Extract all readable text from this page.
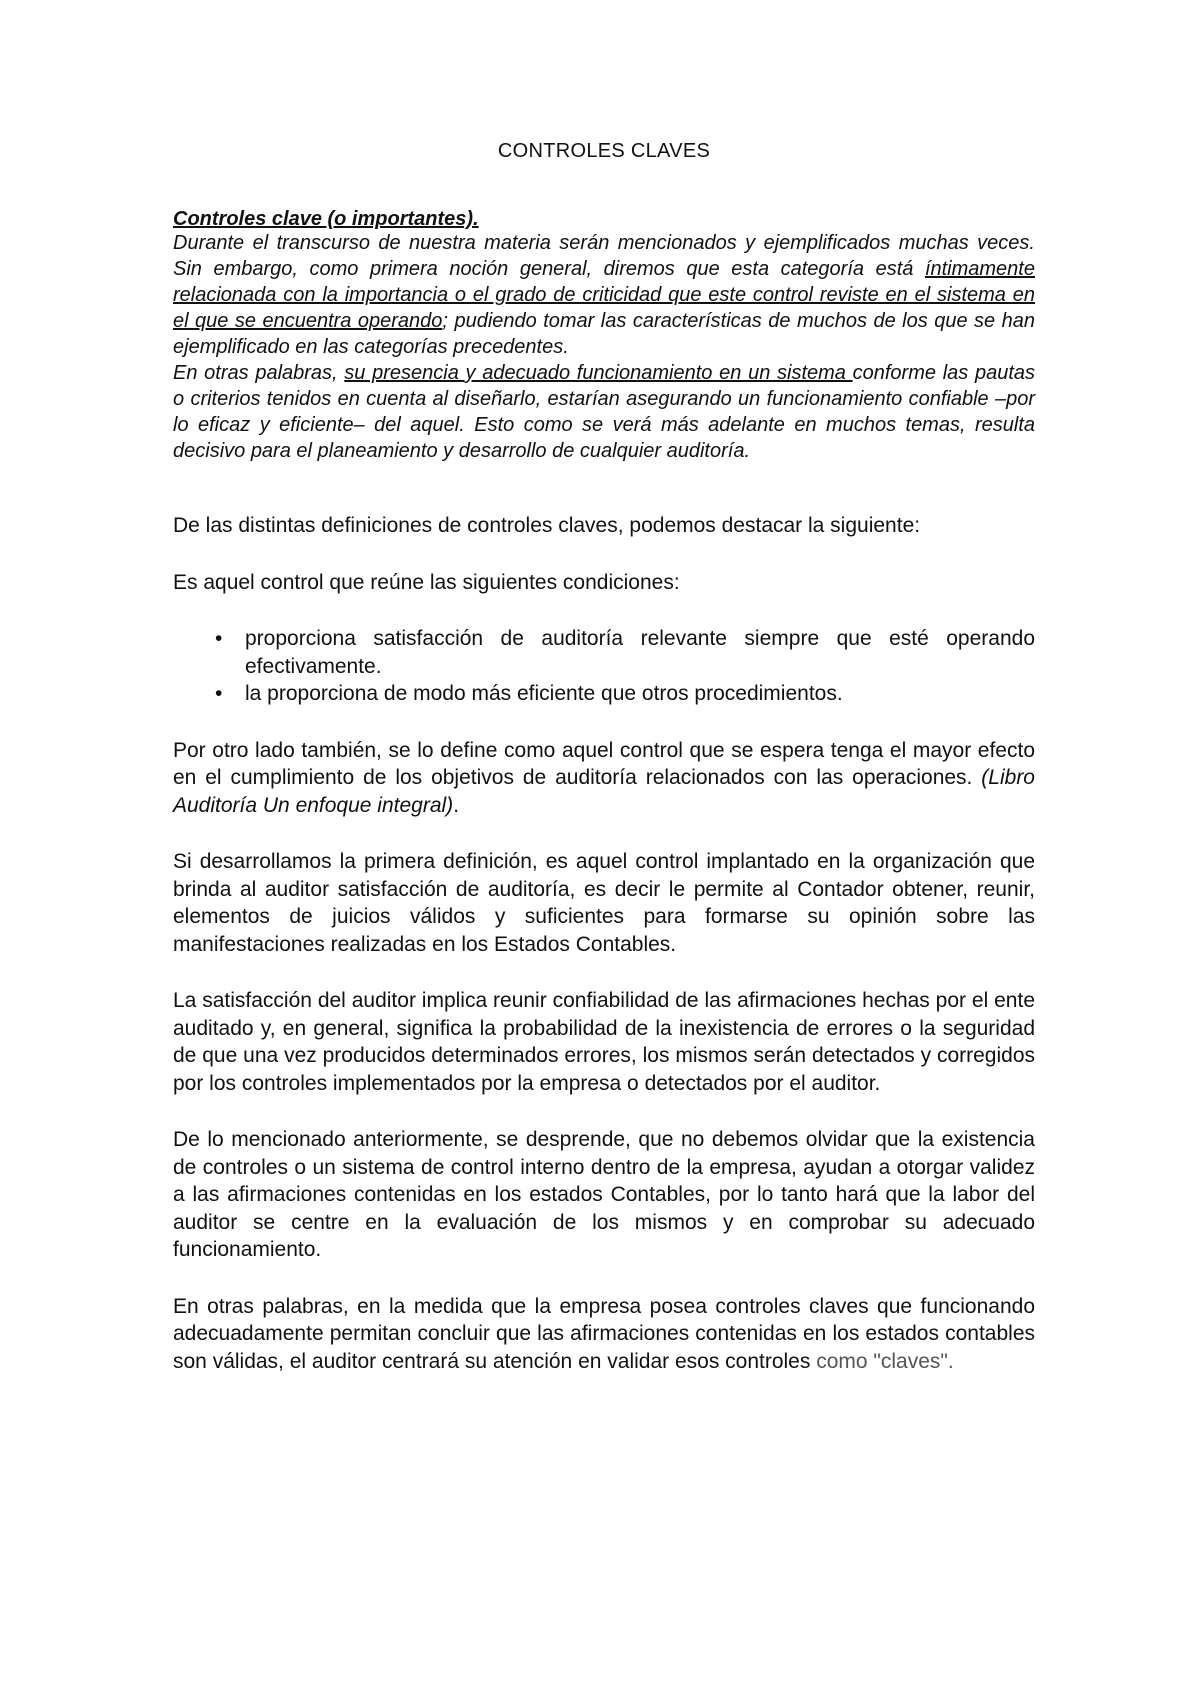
CONTROLES CLAVES

Controles clave (o importantes).

Durante el transcurso de nuestra materia serán mencionados y ejemplificados muchas veces. Sin embargo, como primera noción general, diremos que esta categoría está íntimamente relacionada con la importancia o el grado de criticidad que este control reviste en el sistema en el que se encuentra operando; pudiendo tomar las características de muchos de los que se han ejemplificado en las categorías precedentes.

En otras palabras, su presencia y adecuado funcionamiento en un sistema conforme las pautas o criterios tenidos en cuenta al diseñarlo, estarían asegurando un funcionamiento confiable –por lo eficaz y eficiente– del aquel. Esto como se verá más adelante en muchos temas, resulta decisivo para el planeamiento y desarrollo de cualquier auditoría.

De las distintas definiciones de controles claves, podemos destacar la siguiente:

Es aquel control que reúne las siguientes condiciones:

• proporciona satisfacción de auditoría relevante siempre que esté operando efectivamente.
• la proporciona de modo más eficiente que otros procedimientos.

Por otro lado también, se lo define como aquel control que se espera tenga el mayor efecto en el cumplimiento de los objetivos de auditoría relacionados con las operaciones. (Libro Auditoría Un enfoque integral).

Si desarrollamos la primera definición, es aquel control implantado en la organización que brinda al auditor satisfacción de auditoría, es decir le permite al Contador obtener, reunir, elementos de juicios válidos y suficientes para formarse su opinión sobre las manifestaciones realizadas en los Estados Contables.

La satisfacción del auditor implica reunir confiabilidad de las afirmaciones hechas por el ente auditado y, en general, significa la probabilidad de la inexistencia de errores o la seguridad de que una vez producidos determinados errores, los mismos serán detectados y corregidos por los controles implementados por la empresa o detectados por el auditor.

De lo mencionado anteriormente, se desprende, que no debemos olvidar que la existencia de controles o un sistema de control interno dentro de la empresa, ayudan a otorgar validez a las afirmaciones contenidas en los estados Contables, por lo tanto hará que la labor del auditor se centre en la evaluación de los mismos y en comprobar su adecuado funcionamiento.

En otras palabras, en la medida que la empresa posea controles claves que funcionando adecuadamente permitan concluir que las afirmaciones contenidas en los estados contables son válidas, el auditor centrará su atención en validar esos controles como "claves".
